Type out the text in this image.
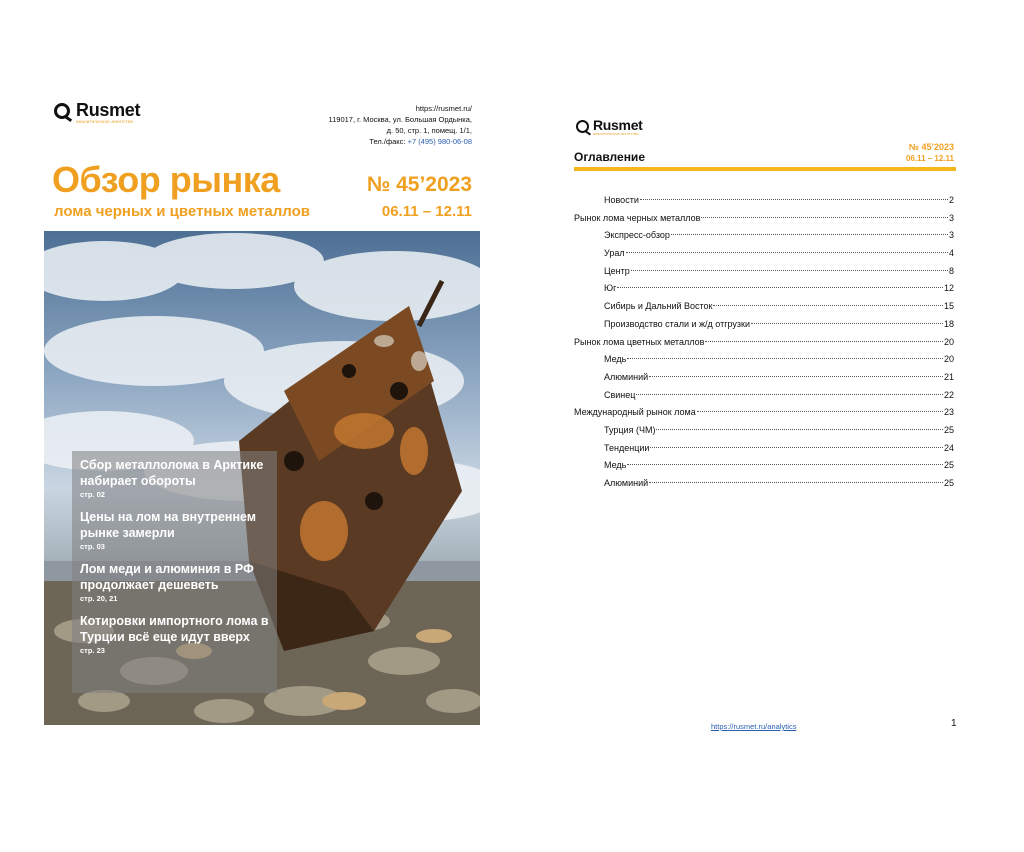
Rusmet
аналитическое агентство
https://rusmet.ru/
119017, г. Москва, ул. Большая Ордынка,
д. 50, стр. 1, помещ. 1/1,
Тел./факс: +7 (495) 980-06-08
Обзор рынка
лома черных и цветных металлов
№ 45’2023
06.11 – 12.11
Сбор металлолома в Арктике набирает обороты
стр. 02
Цены на лом на внутреннем рынке замерли
стр. 03
Лом меди и алюминия в РФ продолжает дешеветь
стр. 20, 21
Котировки импортного лома в Турции всё еще идут вверх
стр. 23
Rusmet
аналитическое агентство
№ 45’2023
06.11 – 12.11
Оглавление
Новости	2
Рынок лома черных металлов	3
Экспресс-обзор	3
Урал	4
Центр	8
Юг	12
Сибирь и Дальний Восток	15
Производство стали и ж/д отгрузки	18
Рынок лома цветных металлов	20
Медь	20
Алюминий	21
Свинец	22
Международный рынок лома	23
Турция (ЧМ)	25
Тенденции	24
Медь	25
Алюминий	25
https://rusmet.ru/analytics	1
